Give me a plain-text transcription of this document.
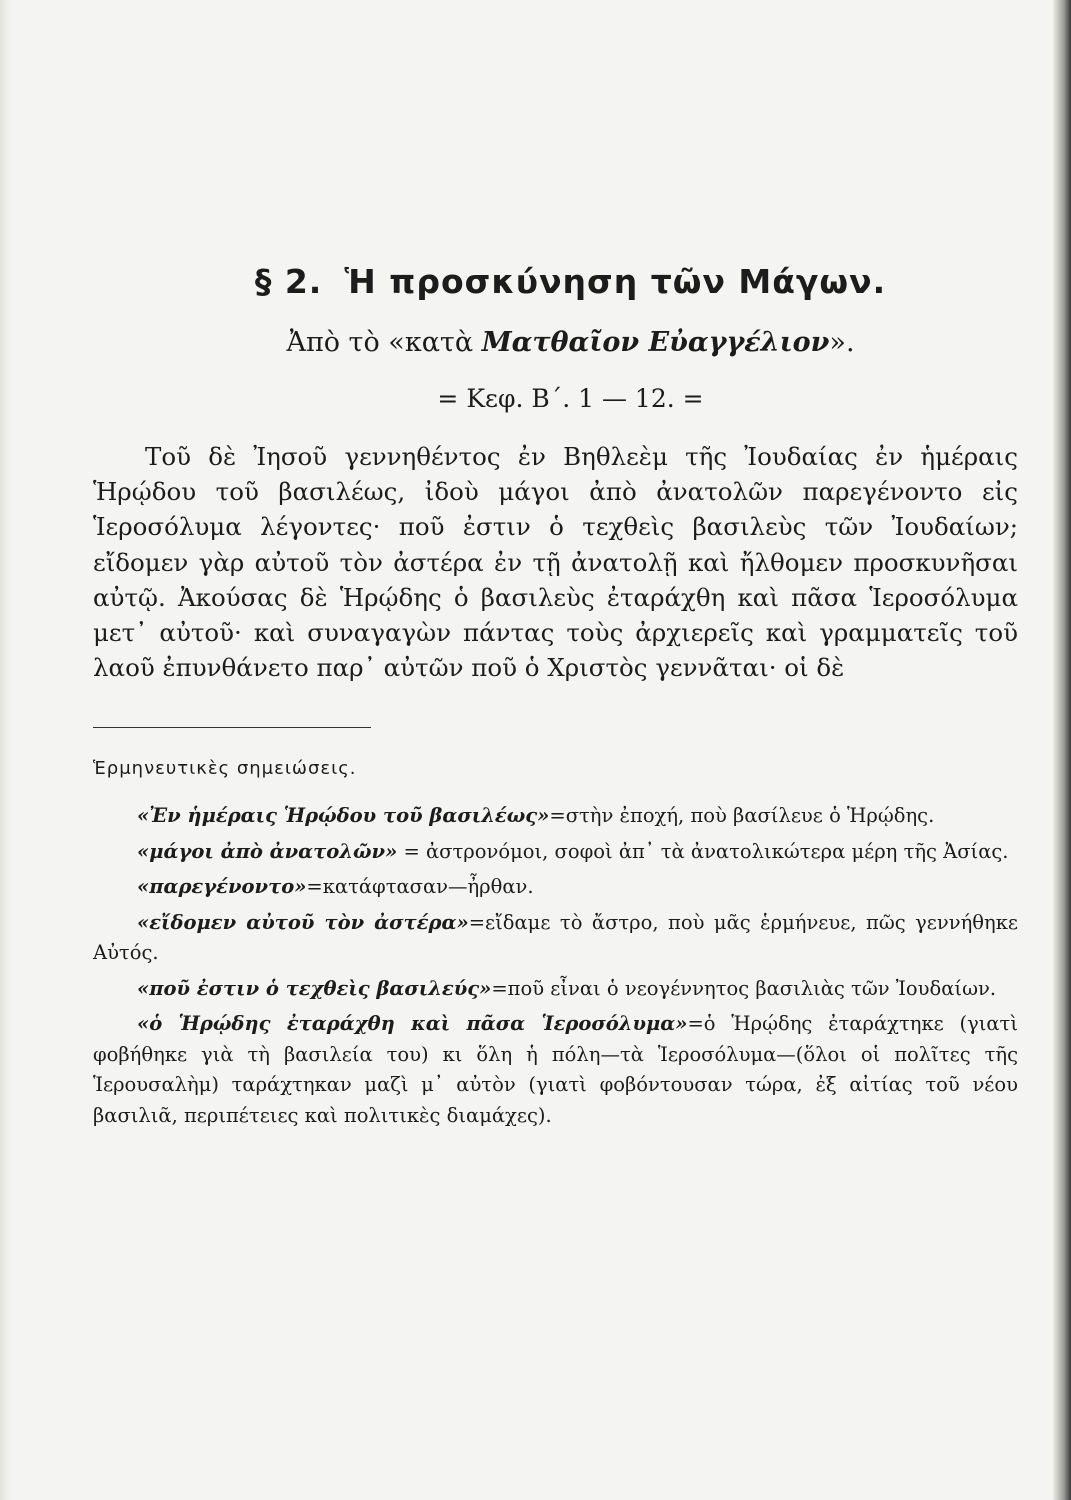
§ 2. Ἡ προσκύνηση τῶν Μάγων.
Ἀπὸ τὸ «κατὰ Ματθαῖον Εὐαγγέλιον».
= Κεφ. Β΄. 1 — 12. =

Τοῦ δὲ Ἰησοῦ γεννηθέντος ἐν Βηθλεὲμ τῆς Ἰουδαίας ἐν ἡμέραις Ἡρῴδου τοῦ βασιλέως, ἰδοὺ μάγοι ἀπὸ ἀνατολῶν παρεγένοντο εἰς Ἱεροσόλυμα λέγοντες· ποῦ ἐστιν ὁ τεχθεὶς βασιλεὺς τῶν Ἰουδαίων; εἴδομεν γὰρ αὐτοῦ τὸν ἀστέρα ἐν τῇ ἀνατολῇ καὶ ἤλθομεν προσκυνῆσαι αὐτῷ. Ἀκούσας δὲ Ἡρῴδης ὁ βασιλεὺς ἐταράχθη καὶ πᾶσα Ἱεροσόλυμα μετ᾽ αὐτοῦ· καὶ συναγαγὼν πάντας τοὺς ἀρχιερεῖς καὶ γραμματεῖς τοῦ λαοῦ ἐπυνθάνετο παρ᾽ αὐτῶν ποῦ ὁ Χριστὸς γεννᾶται· οἱ δὲ

Ἑρμηνευτικὲς σημειώσεις.

«Ἐν ἡμέραις Ἡρῴδου τοῦ βασιλέως»=στὴν ἐποχή, ποὺ βασίλευε ὁ Ἡρῴδης.

«μάγοι ἀπὸ ἀνατολῶν» = ἀστρονόμοι, σοφοὶ ἀπ᾽ τὰ ἀνατολικώτερα μέρη τῆς Ἀσίας.

«παρεγένοντο»=κατάφτασαν—ἦρθαν.

«εἴδομεν αὐτοῦ τὸν ἀστέρα»=εἴδαμε τὸ ἄστρο, ποὺ μᾶς ἑρμήνευε, πῶς γεννήθηκε Αὐτός.

«ποῦ ἐστιν ὁ τεχθεὶς βασιλεύς»=ποῦ εἶναι ὁ νεογέννητος βασιλιὰς τῶν Ἰουδαίων.

«ὁ Ἡρῴδης ἐταράχθη καὶ πᾶσα Ἱεροσόλυμα»=ὁ Ἡρῴδης ἐταράχτηκε (γιατὶ φοβήθηκε γιὰ τὴ βασιλεία του) κι ὅλη ἡ πόλη—τὰ Ἱεροσόλυμα—(ὅλοι οἱ πολῖτες τῆς Ἱερουσαλὴμ) ταράχτηκαν μαζὶ μ᾽ αὐτὸν (γιατὶ φοβόντουσαν τώρα, ἐξ αἰτίας τοῦ νέου βασιλιᾶ, περιπέτειες καὶ πολιτικὲς διαμάχες).
